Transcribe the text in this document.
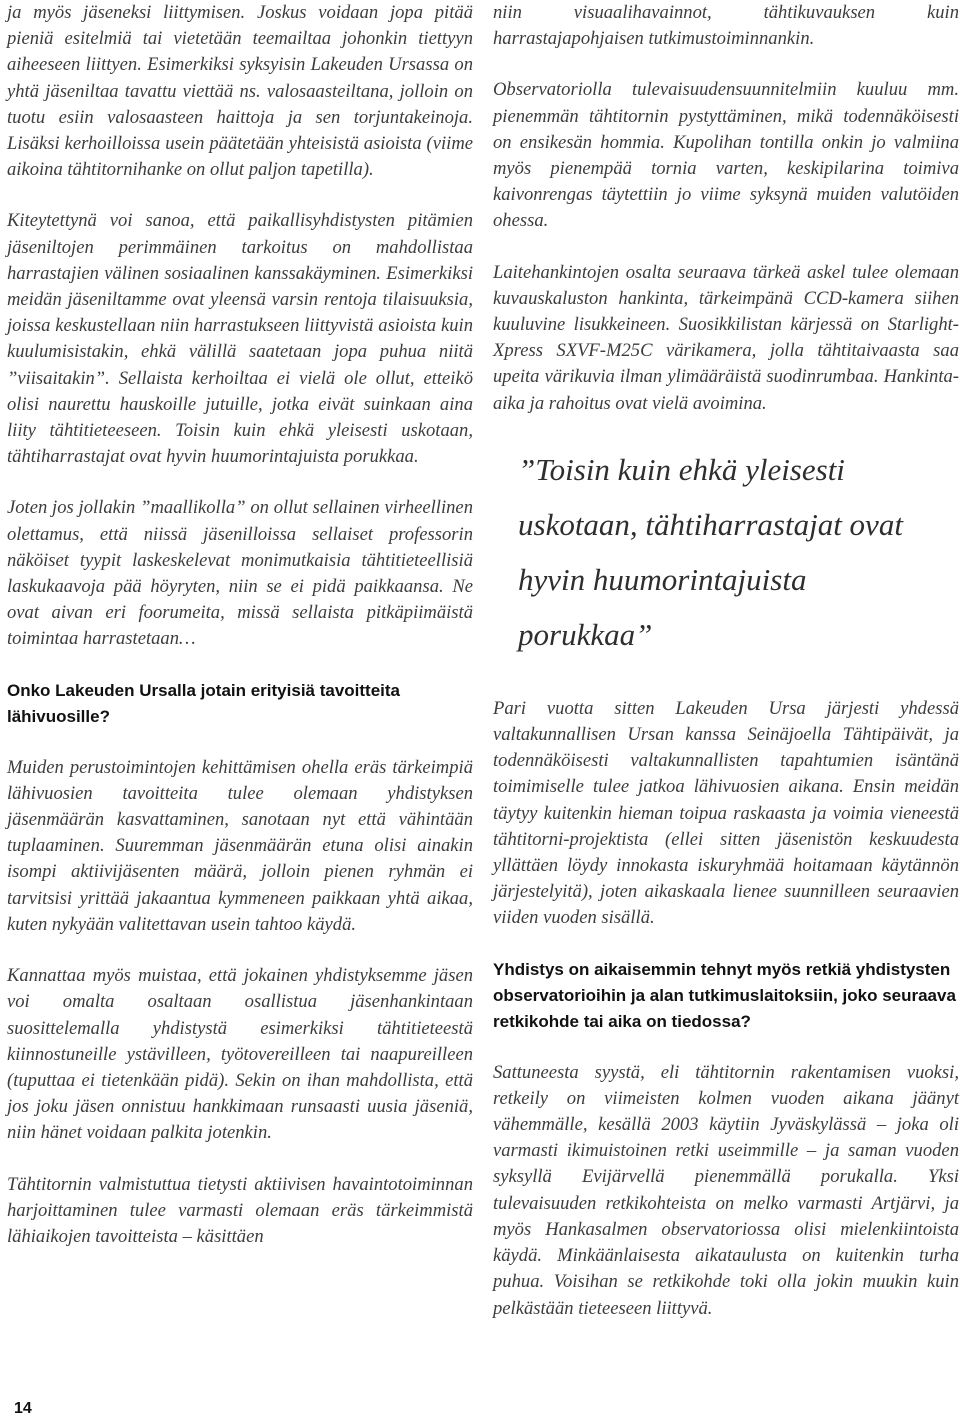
ja myös jäseneksi liittymisen. Joskus voidaan jopa pitää pieniä esitelmiä tai vietetään teemailtaa johonkin tiettyyn aiheeseen liittyen. Esimerkiksi syksyisin Lakeuden Ursassa on yhtä jäseniltaa tavattu viettää ns. valosaasteiltana, jolloin on tuotu esiin valosaasteen haittoja ja sen torjuntakeinoja. Lisäksi kerhoilloissa usein päätetään yhteisistä asioista (viime aikoina tähtitornihanke on ollut paljon tapetilla).

Kiteytettynä voi sanoa, että paikallisyhdistysten pitämien jäseniltojen perimmäinen tarkoitus on mahdollistaa harrastajien välinen sosiaalinen kanssakäyminen. Esimerkiksi meidän jäseniltamme ovat yleensä varsin rentoja tilaisuuksia, joissa keskustellaan niin harrastukseen liittyvistä asioista kuin kuulumisistakin, ehkä välillä saatetaan jopa puhua niitä ”viisaitakin”. Sellaista kerhoiltaa ei vielä ole ollut, etteikö olisi naurettu hauskoille jutuille, jotka eivät suinkaan aina liity tähtitieteeseen. Toisin kuin ehkä yleisesti uskotaan, tähtiharrastajat ovat hyvin huumorintajuista porukkaa.

Joten jos jollakin ”maallikolla” on ollut sellainen virheellinen olettamus, että niissä jäsenilloissa sellaiset professorin näköiset tyypit laskeskelevat monimutkaisia tähtitieteellisiä laskukaavoja pää höyryten, niin se ei pidä paikkaansa. Ne ovat aivan eri foorumeita, missä sellaista pitkäpiimäistä toimintaa harrastetaan…

Onko Lakeuden Ursalla jotain erityisiä tavoitteita lähivuosille?

Muiden perustoimintojen kehittämisen ohella eräs tärkeimpiä lähivuosien tavoitteita tulee olemaan yhdistyksen jäsenmäärän kasvattaminen, sanotaan nyt että vähintään tuplaaminen. Suuremman jäsenmäärän etuna olisi ainakin isompi aktiivijäsenten määrä, jolloin pienen ryhmän ei tarvitsisi yrittää jakaantua kymmeneen paikkaan yhtä aikaa, kuten nykyään valitettavan usein tahtoo käydä.

Kannattaa myös muistaa, että jokainen yhdistyksemme jäsen voi omalta osaltaan osallistua jäsenhankintaan suosittelemalla yhdistystä esimerkiksi tähtitieteestä kiinnostuneille ystävilleen, työtovereilleen tai naapureilleen (tuputtaa ei tietenkään pidä). Sekin on ihan mahdollista, että jos joku jäsen onnistuu hankkimaan runsaasti uusia jäseniä, niin hänet voidaan palkita jotenkin.

Tähtitornin valmistuttua tietysti aktiivisen havaintotoiminnan harjoittaminen tulee varmasti olemaan eräs tärkeimmistä lähiaikojen tavoitteista – käsittäen

niin visuaalihavainnot, tähtikuvauksen kuin harrastajapohjaisen tutkimustoiminnankin.

Observatoriolla tulevaisuudensuunnitelmiin kuuluu mm. pienemmän tähtitornin pystyttäminen, mikä todennäköisesti on ensikesän hommia. Kupolihan tontilla onkin jo valmiina myös pienempää tornia varten, keskipilarina toimiva kaivonrengas täytettiin jo viime syksynä muiden valutöiden ohessa.

Laitehankintojen osalta seuraava tärkeä askel tulee olemaan kuvauskaluston hankinta, tärkeimpänä CCD-kamera siihen kuuluvine lisukkeineen. Suosikkilistan kärjessä on Starlight-Xpress SXVF-M25C värikamera, jolla tähtitaivaasta saa upeita värikuvia ilman ylimääräistä suodinrumbaa. Hankinta-aika ja rahoitus ovat vielä avoimina.

”Toisin kuin ehkä yleisesti uskotaan, tähtiharrastajat ovat hyvin huumorintajuista porukkaa”

Pari vuotta sitten Lakeuden Ursa järjesti yhdessä valtakunnallisen Ursan kanssa Seinäjoella Tähtipäivät, ja todennäköisesti valtakunnallisten tapahtumien isäntänä toimimiselle tulee jatkoa lähivuosien aikana. Ensin meidän täytyy kuitenkin hieman toipua raskaasta ja voimia vieneestä tähtitorni-projektista (ellei sitten jäsenistön keskuudesta yllättäen löydy innokasta iskuryhmää hoitamaan käytännön järjestelyitä), joten aikaskaala lienee suunnilleen seuraavien viiden vuoden sisällä.

Yhdistys on aikaisemmin tehnyt myös retkiä yhdistysten observatorioihin ja alan tutkimuslaitoksiin, joko seuraava retkikohde tai aika on tiedossa?

Sattuneesta syystä, eli tähtitornin rakentamisen vuoksi, retkeily on viimeisten kolmen vuoden aikana jäänyt vähemmälle, kesällä 2003 käytiin Jyväskylässä – joka oli varmasti ikimuistoinen retki useimmille – ja saman vuoden syksyllä Evijärvellä pienemmällä porukalla. Yksi tulevaisuuden retkikohteista on melko varmasti Artjärvi, ja myös Hankasalmen observatoriossa olisi mielenkiintoista käydä. Minkäänlaisesta aikataulusta on kuitenkin turha puhua. Voisihan se retkikohde toki olla jokin muukin kuin pelkästään tieteeseen liittyvä.

14
